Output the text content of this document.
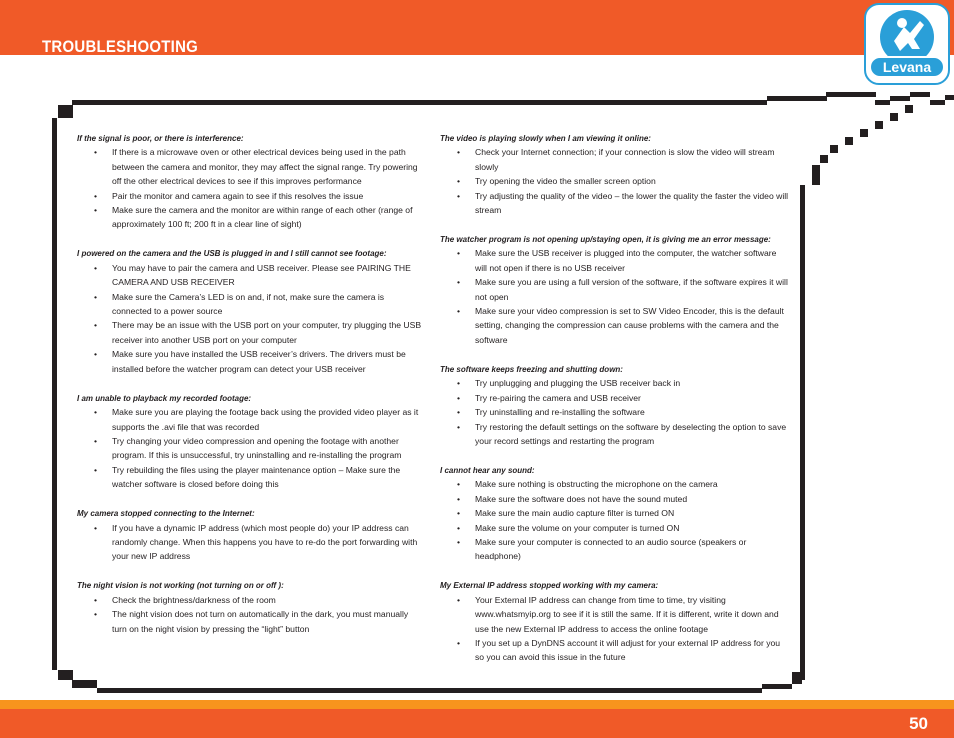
TROUBLESHOOTING
Levana
If the signal is poor, or there is interference:
• If there is a microwave oven or other electrical devices being used in the path between the camera and monitor, they may affect the signal range. Try powering off the other electrical devices to see if this improves performance
• Pair the monitor and camera again to see if this resolves the issue
• Make sure the camera and the monitor are within range of each other (range of approximately 100 ft; 200 ft in a clear line of sight)
I powered on the camera and the USB is plugged in and I still cannot see footage:
• You may have to pair the camera and USB receiver. Please see PAIRING THE CAMERA AND USB RECEIVER
• Make sure the Camera’s LED is on and, if not, make sure the camera is connected to a power source
• There may be an issue with the USB port on your computer, try plugging the USB receiver into another USB port on your computer
• Make sure you have installed the USB receiver’s drivers. The drivers must be installed before the watcher program can detect your USB receiver
I am unable to playback my recorded footage:
• Make sure you are playing the footage back using the provided video player as it supports the .avi file that was recorded
• Try changing your video compression and opening the footage with another program. If this is unsuccessful, try uninstalling and re-installing the program
• Try rebuilding the files using the player maintenance option – Make sure the watcher software is closed before doing this
My camera stopped connecting to the Internet:
• If you have a dynamic IP address (which most people do) your IP address can randomly change. When this happens you have to re-do the port forwarding with your new IP address
The night vision is not working (not turning on or off ):
• Check the brightness/darkness of the room
• The night vision does not turn on automatically in the dark, you must manually turn on the night vision by pressing the “light” button
The video is playing slowly when I am viewing it online:
• Check your Internet connection; if your connection is slow the video will stream slowly
• Try opening the video the smaller screen option
• Try adjusting the quality of the video – the lower the quality the faster the video will stream
The watcher program is not opening up/staying open, it is giving me an error message:
• Make sure the USB receiver is plugged into the computer, the watcher software will not open if there is no USB receiver
• Make sure you are using a full version of the software, if the software expires it will not open
• Make sure your video compression is set to SW Video Encoder, this is the default setting, changing the compression can cause problems with the camera and the software
The software keeps freezing and shutting down:
• Try unplugging and plugging the USB receiver back in
• Try re-pairing the camera and USB receiver
• Try uninstalling and re-installing the software
• Try restoring the default settings on the software by deselecting the option to save your record settings and restarting the program
I cannot hear any sound:
• Make sure nothing is obstructing the microphone on the camera
• Make sure the software does not have the sound muted
• Make sure the main audio capture filter is turned ON
• Make sure the volume on your computer is turned ON
• Make sure your computer is connected to an audio source (speakers or headphone)
My External IP address stopped working with my camera:
• Your External IP address can change from time to time, try visiting www.whatsmyip.org to see if it is still the same. If it is different, write it down and use the new External IP address to access the online footage
• If you set up a DynDNS account it will adjust for your external IP address for you so you can avoid this issue in the future
50
